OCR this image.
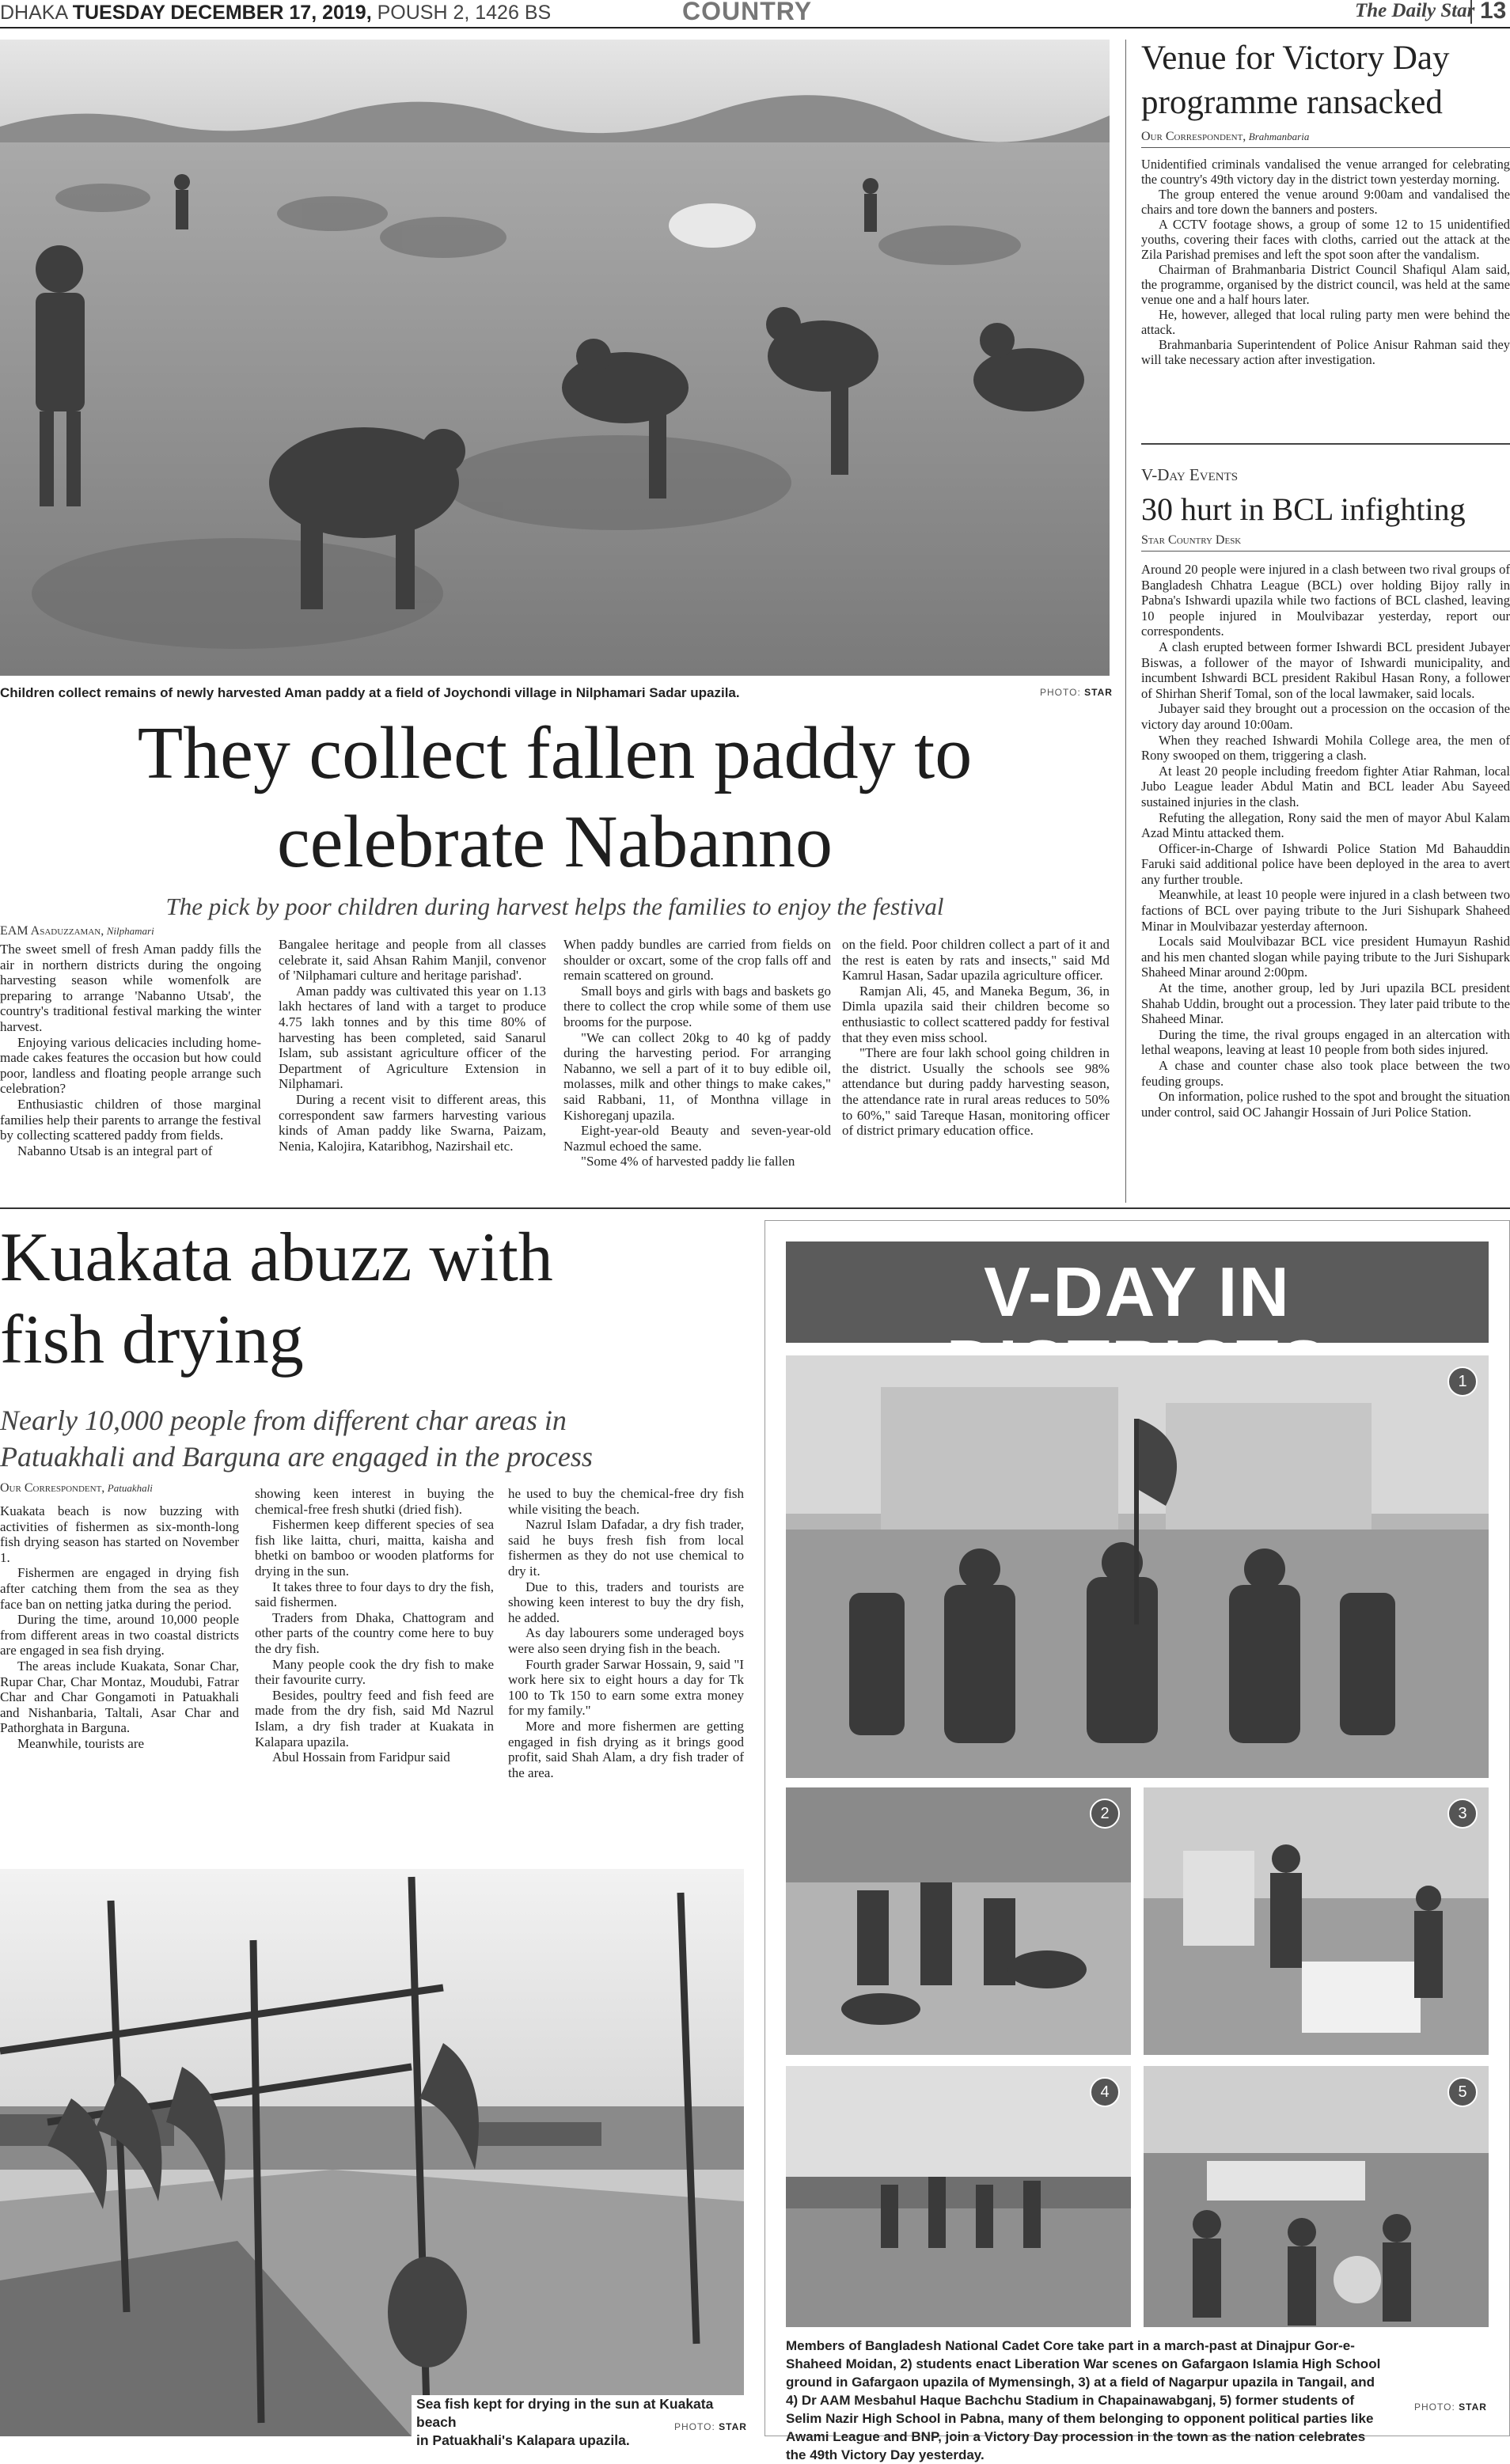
DHAKA TUESDAY DECEMBER 17, 2019, POUSH 2, 1426 BS	COUNTRY	The Daily Star 13
Children collect remains of newly harvested Aman paddy at a field of Joychondi village in Nilphamari Sadar upazila.	PHOTO: STAR
They collect fallen paddy to
celebrate Nabanno
The pick by poor children during harvest helps the families to enjoy the festival
EAM Asaduzzaman, Nilphamari

The sweet smell of fresh Aman paddy fills the air in northern districts during the ongoing harvesting season while womenfolk are preparing to arrange 'Nabanno Utsab', the country's traditional festival marking the winter harvest.

Enjoying various delicacies including home-made cakes features the occasion but how could poor, landless and floating people arrange such celebration?

Enthusiastic children of those marginal families help their parents to arrange the festival by collecting scattered paddy from fields.

Nabanno Utsab is an integral part of

Bangalee heritage and people from all classes celebrate it, said Ahsan Rahim Manjil, convenor of 'Nilphamari culture and heritage parishad'.

Aman paddy was cultivated this year on 1.13 lakh hectares of land with a target to produce 4.75 lakh tonnes and by this time 80% of harvesting has been completed, said Sanarul Islam, sub assistant agriculture officer of the Department of Agriculture Extension in Nilphamari.

During a recent visit to different areas, this correspondent saw farmers harvesting various kinds of Aman paddy like Swarna, Paizam, Nenia, Kalojira, Kataribhog, Nazirshail etc.

When paddy bundles are carried from fields on shoulder or oxcart, some of the crop falls off and remain scattered on ground.

Small boys and girls with bags and baskets go there to collect the crop while some of them use brooms for the purpose.

"We can collect 20kg to 40 kg of paddy during the harvesting period. For arranging Nabanno, we sell a part of it to buy edible oil, molasses, milk and other things to make cakes," said Rabbani, 11, of Monthna village in Kishoreganj upazila.

Eight-year-old Beauty and seven-year-old Nazmul echoed the same.

"Some 4% of harvested paddy lie fallen

on the field. Poor children collect a part of it and the rest is eaten by rats and insects," said Md Kamrul Hasan, Sadar upazila agriculture officer.

Ramjan Ali, 45, and Maneka Begum, 36, in Dimla upazila said their children become so enthusiastic to collect scattered paddy for festival that they even miss school.

"There are four lakh school going children in the district. Usually the schools see 98% attendance but during paddy harvesting season, the attendance rate in rural areas reduces to 50% to 60%," said Tareque Hasan, monitoring officer of district primary education office.

Venue for Victory Day
programme ransacked
Our Correspondent, Brahmanbaria

Unidentified criminals vandalised the venue arranged for celebrating the country's 49th victory day in the district town yesterday morning.

The group entered the venue around 9:00am and vandalised the chairs and tore down the banners and posters.

A CCTV footage shows, a group of some 12 to 15 unidentified youths, covering their faces with cloths, carried out the attack at the Zila Parishad premises and left the spot soon after the vandalism.

Chairman of Brahmanbaria District Council Shafiqul Alam said, the programme, organised by the district council, was held at the same venue one and a half hours later.

He, however, alleged that local ruling party men were behind the attack.

Brahmanbaria Superintendent of Police Anisur Rahman said they will take necessary action after investigation.

V-Day Events
30 hurt in BCL infighting
Star Country Desk

Around 20 people were injured in a clash between two rival groups of Bangladesh Chhatra League (BCL) over holding Bijoy rally in Pabna's Ishwardi upazila while two factions of BCL clashed, leaving 10 people injured in Moulvibazar yesterday, report our correspondents.

A clash erupted between former Ishwardi BCL president Jubayer Biswas, a follower of the mayor of Ishwardi municipality, and incumbent Ishwardi BCL president Rakibul Hasan Rony, a follower of Shirhan Sherif Tomal, son of the local lawmaker, said locals.

Jubayer said they brought out a procession on the occasion of the victory day around 10:00am.

When they reached Ishwardi Mohila College area, the men of Rony swooped on them, triggering a clash.

At least 20 people including freedom fighter Atiar Rahman, local Jubo League leader Abdul Matin and BCL leader Abu Sayeed sustained injuries in the clash.

Refuting the allegation, Rony said the men of mayor Abul Kalam Azad Mintu attacked them.

Officer-in-Charge of Ishwardi Police Station Md Bahauddin Faruki said additional police have been deployed in the area to avert any further trouble.

Meanwhile, at least 10 people were injured in a clash between two factions of BCL over paying tribute to the Juri Sishupark Shaheed Minar in Moulvibazar yesterday afternoon.

Locals said Moulvibazar BCL vice president Humayun Rashid and his men chanted slogan while paying tribute to the Juri Sishupark Shaheed Minar around 2:00pm.

At the time, another group, led by Juri upazila BCL president Shahab Uddin, brought out a procession. They later paid tribute to the Shaheed Minar.

During the time, the rival groups engaged in an altercation with lethal weapons, leaving at least 10 people from both sides injured.

A chase and counter chase also took place between the two feuding groups.

On information, police rushed to the spot and brought the situation under control, said OC Jahangir Hossain of Juri Police Station.

Kuakata abuzz with
fish drying
Nearly 10,000 people from different char areas in
Patuakhali and Barguna are engaged in the process
Our Correspondent, Patuakhali

Kuakata beach is now buzzing with activities of fishermen as six-month-long fish drying season has started on November 1.

Fishermen are engaged in drying fish after catching them from the sea as they face ban on netting jatka during the period.

During the time, around 10,000 people from different areas in two coastal districts are engaged in sea fish drying.

The areas include Kuakata, Sonar Char, Rupar Char, Char Montaz, Moudubi, Fatrar Char and Char Gongamoti in Patuakhali and Nishanbaria, Taltali, Asar Char and Pathorghata in Barguna.

Meanwhile, tourists are

showing keen interest in buying the chemical-free fresh shutki (dried fish).

Fishermen keep different species of sea fish like laitta, churi, maitta, kaisha and bhetki on bamboo or wooden platforms for drying in the sun.

It takes three to four days to dry the fish, said fishermen.

Traders from Dhaka, Chattogram and other parts of the country come here to buy the dry fish.

Many people cook the dry fish to make their favourite curry.

Besides, poultry feed and fish feed are made from the dry fish, said Md Nazrul Islam, a dry fish trader at Kuakata in Kalapara upazila.

Abul Hossain from Faridpur said

he used to buy the chemical-free dry fish while visiting the beach.

Nazrul Islam Dafadar, a dry fish trader, said he buys fresh fish from local fishermen as they do not use chemical to dry it.

Due to this, traders and tourists are showing keen interest to buy the dry fish, he added.

As day labourers some underaged boys were also seen drying fish in the beach.

Fourth grader Sarwar Hossain, 9, said "I work here six to eight hours a day for Tk 100 to Tk 150 to earn some extra money for my family."

More and more fishermen are getting engaged in fish drying as it brings good profit, said Shah Alam, a dry fish trader of the area.

Sea fish kept for drying in the sun at Kuakata beach
in Patuakhali's Kalapara upazila.
PHOTO: STAR
V-DAY IN
1
2	3
4	5
Members of Bangladesh National Cadet Core take part in a march-past at Dinajpur Gor-e-Shaheed Moidan, 2) students enact Liberation War scenes on Gafargaon Islamia High School ground in Gafargaon upazila of Mymensingh, 3) at a field of Nagarpur upazila in Tangail, and 4) Dr AAM Mesbahul Haque Bachchu Stadium in Chapainawabganj, 5) former students of Selim Nazir High School in Pabna, many of them belonging to opponent political parties like Awami League and BNP, join a Victory Day procession in the town as the nation celebrates the 49th Victory Day yesterday.
PHOTO: STAR
